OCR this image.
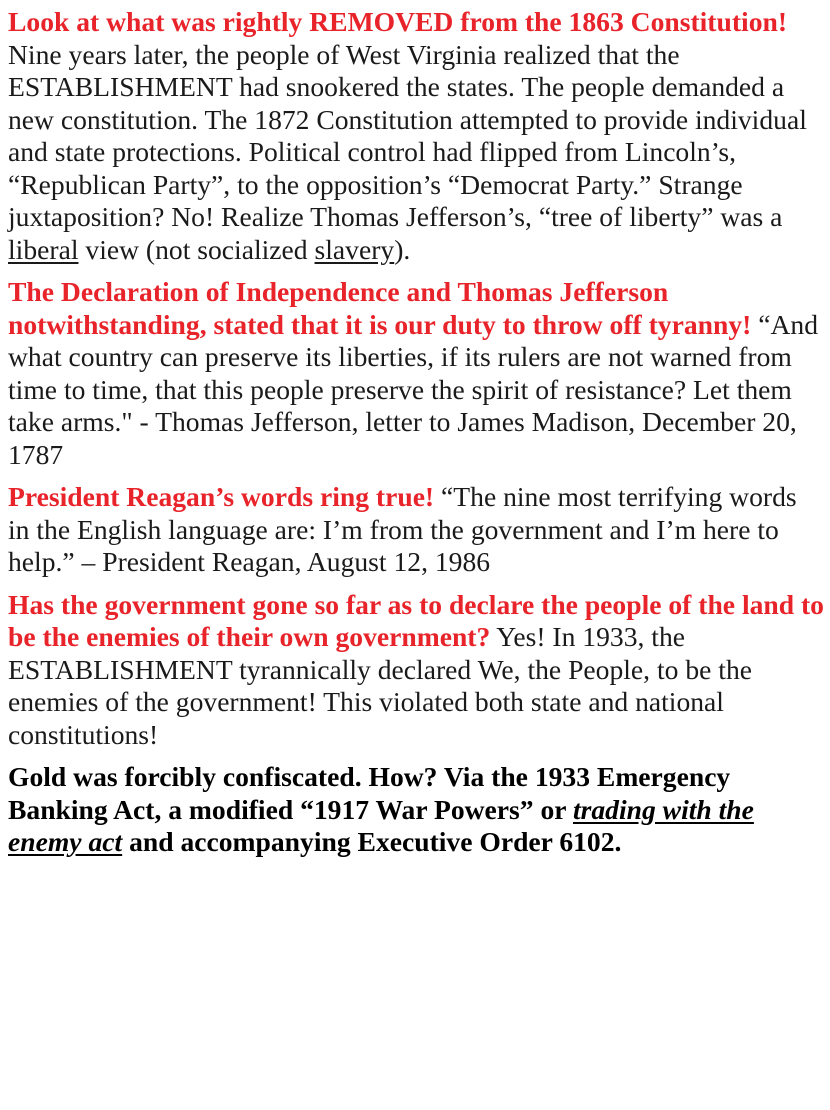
Look at what was rightly REMOVED from the 1863 Constitution! Nine years later, the people of West Virginia realized that the ESTABLISHMENT had snookered the states. The people demanded a new constitution. The 1872 Constitution attempted to provide individual and state protections. Political control had flipped from Lincoln’s, “Republican Party”, to the opposition’s “Democrat Party.” Strange juxtaposition? No! Realize Thomas Jefferson’s, “tree of liberty” was a liberal view (not socialized slavery).

The Declaration of Independence and Thomas Jefferson notwithstanding, stated that it is our duty to throw off tyranny! “And what country can preserve its liberties, if its rulers are not warned from time to time, that this people preserve the spirit of resistance? Let them take arms." - Thomas Jefferson, letter to James Madison, December 20, 1787

President Reagan’s words ring true! “The nine most terrifying words in the English language are: I’m from the government and I’m here to help.” – President Reagan, August 12, 1986

Has the government gone so far as to declare the people of the land to be the enemies of their own government? Yes! In 1933, the ESTABLISHMENT tyrannically declared We, the People, to be the enemies of the government! This violated both state and national constitutions!

Gold was forcibly confiscated. How? Via the 1933 Emergency Banking Act, a modified “1917 War Powers” or trading with the enemy act and accompanying Executive Order 6102.
